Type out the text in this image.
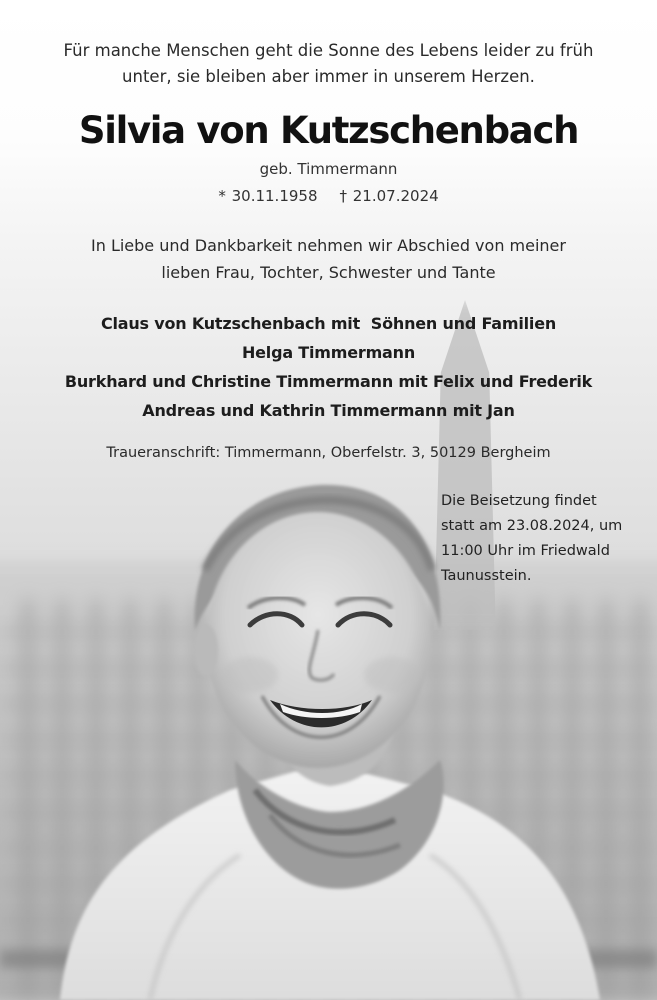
Für manche Menschen geht die Sonne des Lebens leider zu früh
unter, sie bleiben aber immer in unserem Herzen.
Silvia von Kutzschenbach
geb. Timmermann
* 30.11.1958 † 21.07.2024
In Liebe und Dankbarkeit nehmen wir Abschied von meiner
lieben Frau, Tochter, Schwester und Tante
Claus von Kutzschenbach mit  Söhnen und Familien
Helga Timmermann
Burkhard und Christine Timmermann mit Felix und Frederik
Andreas und Kathrin Timmermann mit Jan
Traueranschrift: Timmermann, Oberfelstr. 3, 50129 Bergheim
Die Beisetzung findet
statt am 23.08.2024, um
11:00 Uhr im Friedwald
Taunusstein.
